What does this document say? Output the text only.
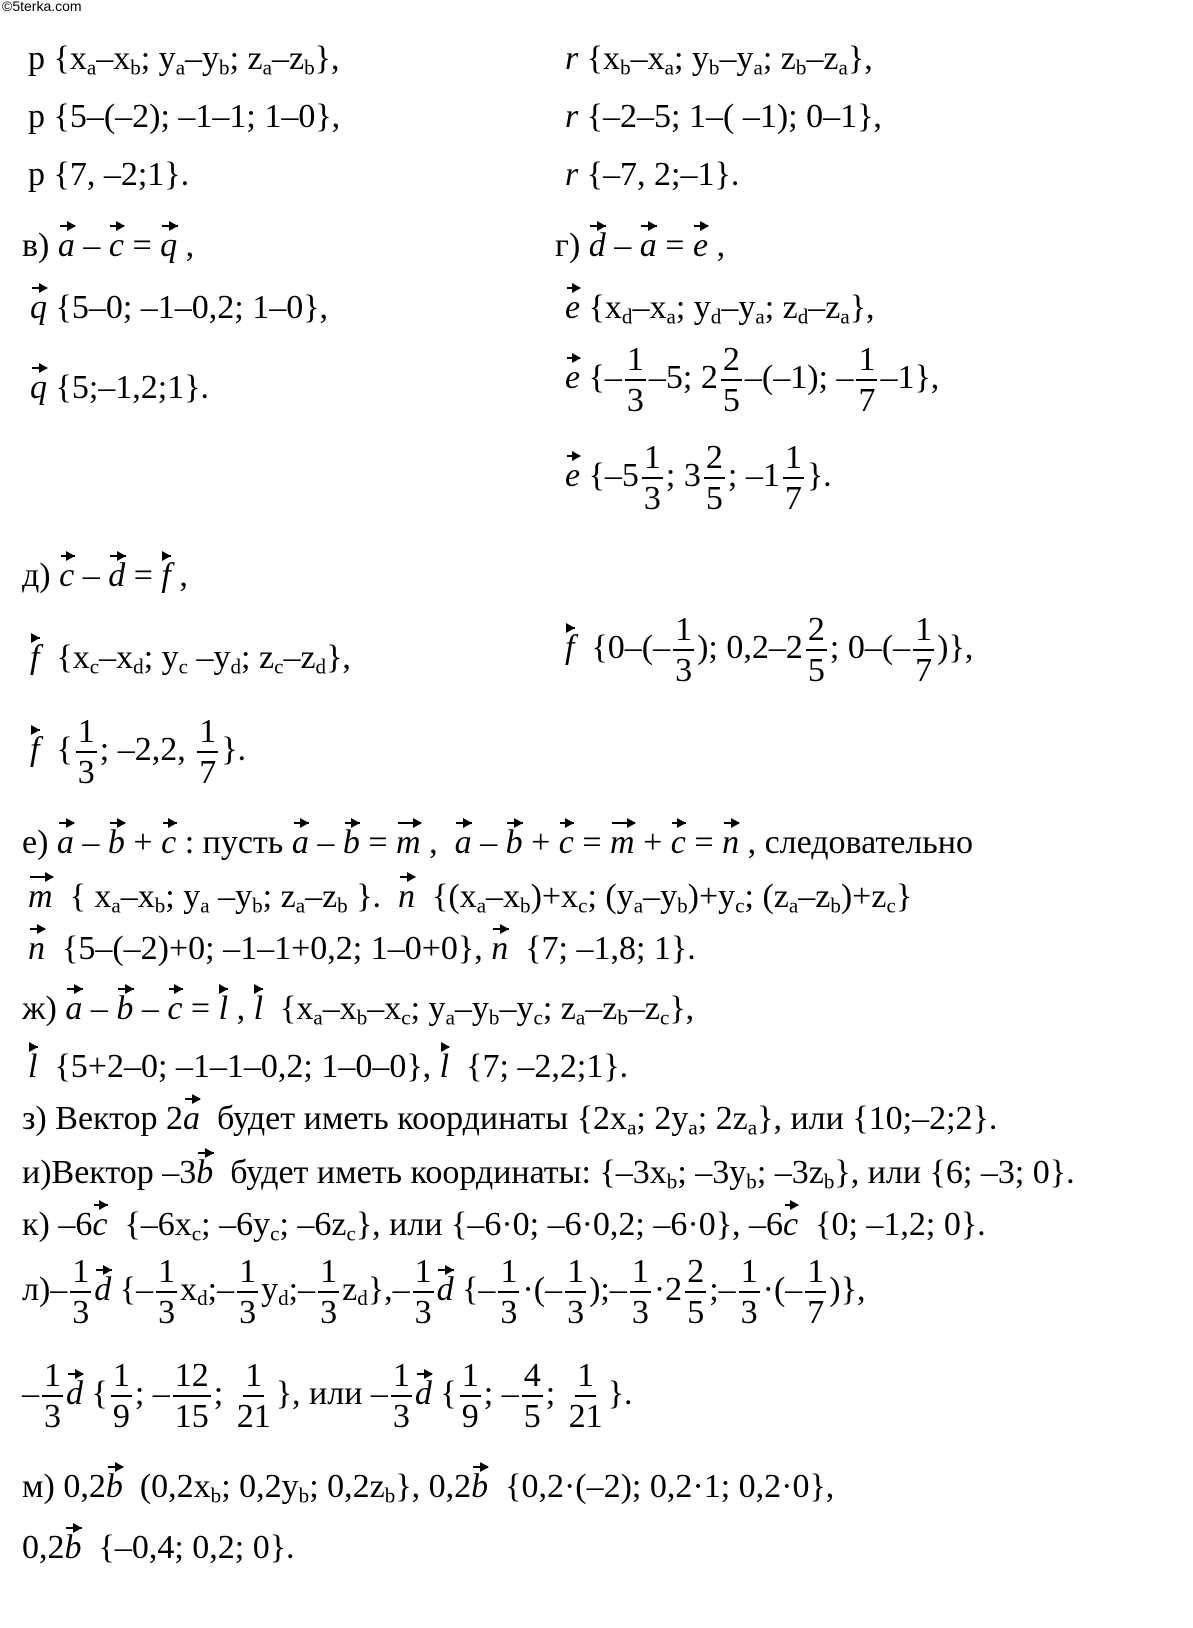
©5terka.com
p {$x_a-x_b$; $y_a-y_b$; $z_a-z_b$},	r {$x_b-x_a$; $y_b-y_a$; $z_b-z_a$},
p {5–(–2); –1–1; 1–0},	r {–2–5; 1–( –1); 0–1},
p {7, –2;1}.	r {–7, 2;–1}.
в) a – c = q ,	г) d – a = e ,
q {5–0; –1–0,2; 1–0},	e {$x_d-x_a$; $y_d-y_a$; $z_d-z_a$},
q {5;–1,2;1}.	e {– $\frac{1}{3} -5$; $2 \frac{2}{5} -(-1)$; – $\frac{1}{7} -1$},
e {$-5 \frac{1}{3}$ ; $3 \frac{2}{5}$ ; $-1 \frac{1}{7}$ }.
д) c – d = f ,
f  {$x_c-x_d$; $y_c$ $-y_d$; $z_c-z_d$},	f {$0-(- \frac{1}{3}$ ); $0,2-2 \frac{2}{5}$ ; $0-(- \frac{1}{7}$ )},
f { $\frac{1}{3}$ ; –2,2, $\frac{1}{7}$ }.
е) a – b + c : пусть a – b = m ,  a – b + c = m + c = n , следовательно
m  { $x_a-x_b$; $y_a$ $-y_b$; $z_a-z_b$ }.  n  {$(x_a-x_b)+x_c$; $(y_a-y_b)+y_c$; $(z_a-z_b)+z_c$}
n {5–(–2)+0; –1–1+0,2; 1–0+0}, n {7; –1,8; 1}.
ж) a – b – c = l , l  {$x_a-x_b-x_c$; $y_a-y_b-y_c$; $z_a-z_b-z_c$},
l {5+2–0; –1–1–0,2; 1–0–0}, l {7; –2,2;1}.
з) Вектор 2a будет иметь координаты {$2x_a$; $2y_a$; $2z_a$}, или {10;–2;2}.
и)Вектор –3b будет иметь координаты: {$-3x_b$; $-3y_b$; $-3z_b$}, или {6; –3; 0}.
к) –6c {$-6x_c$; $-6y_c$; $-6z_c$}, или {–6·0; –6·0,2; –6·0}, –6c {0; –1,2; 0}.
$л)- \frac{1}{3}$ d {– $\frac{1}{3}$ $x_d;- \frac{1}{3}$ $y_d;- \frac{1}{3} z_d\},- \frac{1}{3}$ d {– $\frac{1}{3}$ ·(– $\frac{1}{3}$ );– $\frac{1}{3} \cdot 2 \frac{2}{5}$ ;– $\frac{1}{3}$ ·(– $\frac{1}{7}$ )},
– $\frac{1}{3}$ d { $\frac{1}{9}$ ; – $\frac{12}{15}$ ; $\frac{1}{21}$ }, или – $\frac{1}{3}$ d { $\frac{1}{9}$ ; – $\frac{4}{5}$ ; $\frac{1}{21}$ }.
м) 0,2b ($0,2x_b$; $0,2y_b$; $0,2z_b$}, 0,2b {0,2·(–2); 0,2·1; 0,2·0},
0,2b {–0,4; 0,2; 0}.
